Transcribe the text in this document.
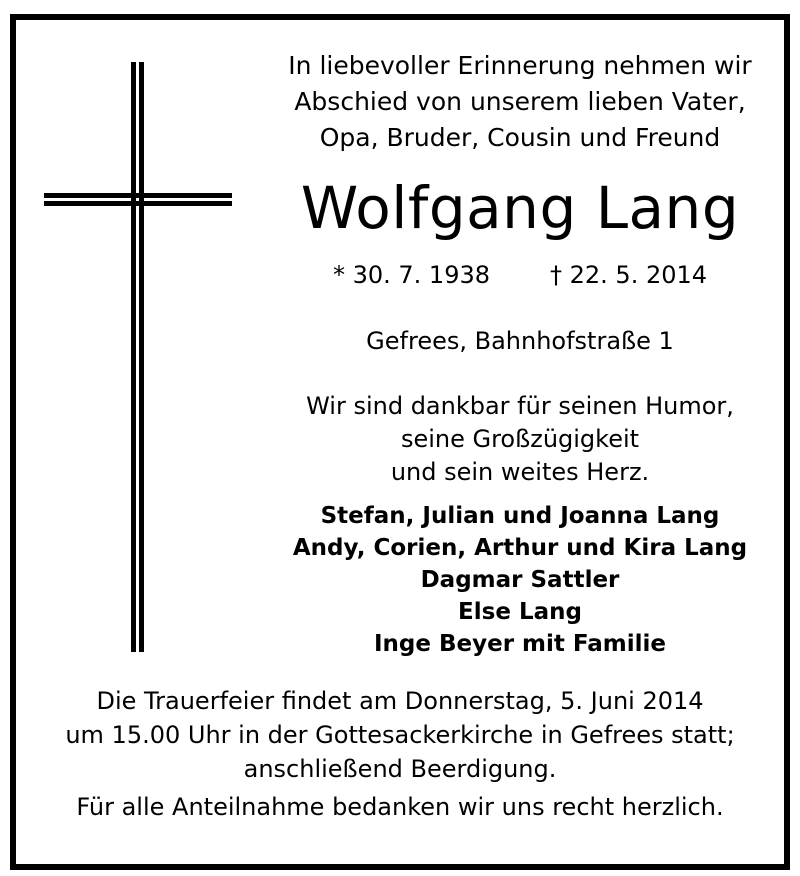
In liebevoller Erinnerung nehmen wir
Abschied von unserem lieben Vater,
Opa, Bruder, Cousin und Freund
Wolfgang Lang
* 30. 7. 1938	† 22. 5. 2014
Gefrees, Bahnhofstraße 1
Wir sind dankbar für seinen Humor,
seine Großzügigkeit
und sein weites Herz.
Stefan, Julian und Joanna Lang
Andy, Corien, Arthur und Kira Lang
Dagmar Sattler
Else Lang
Inge Beyer mit Familie
Die Trauerfeier findet am Donnerstag, 5. Juni 2014
um 15.00 Uhr in der Gottesackerkirche in Gefrees statt;
anschließend Beerdigung.
Für alle Anteilnahme bedanken wir uns recht herzlich.
